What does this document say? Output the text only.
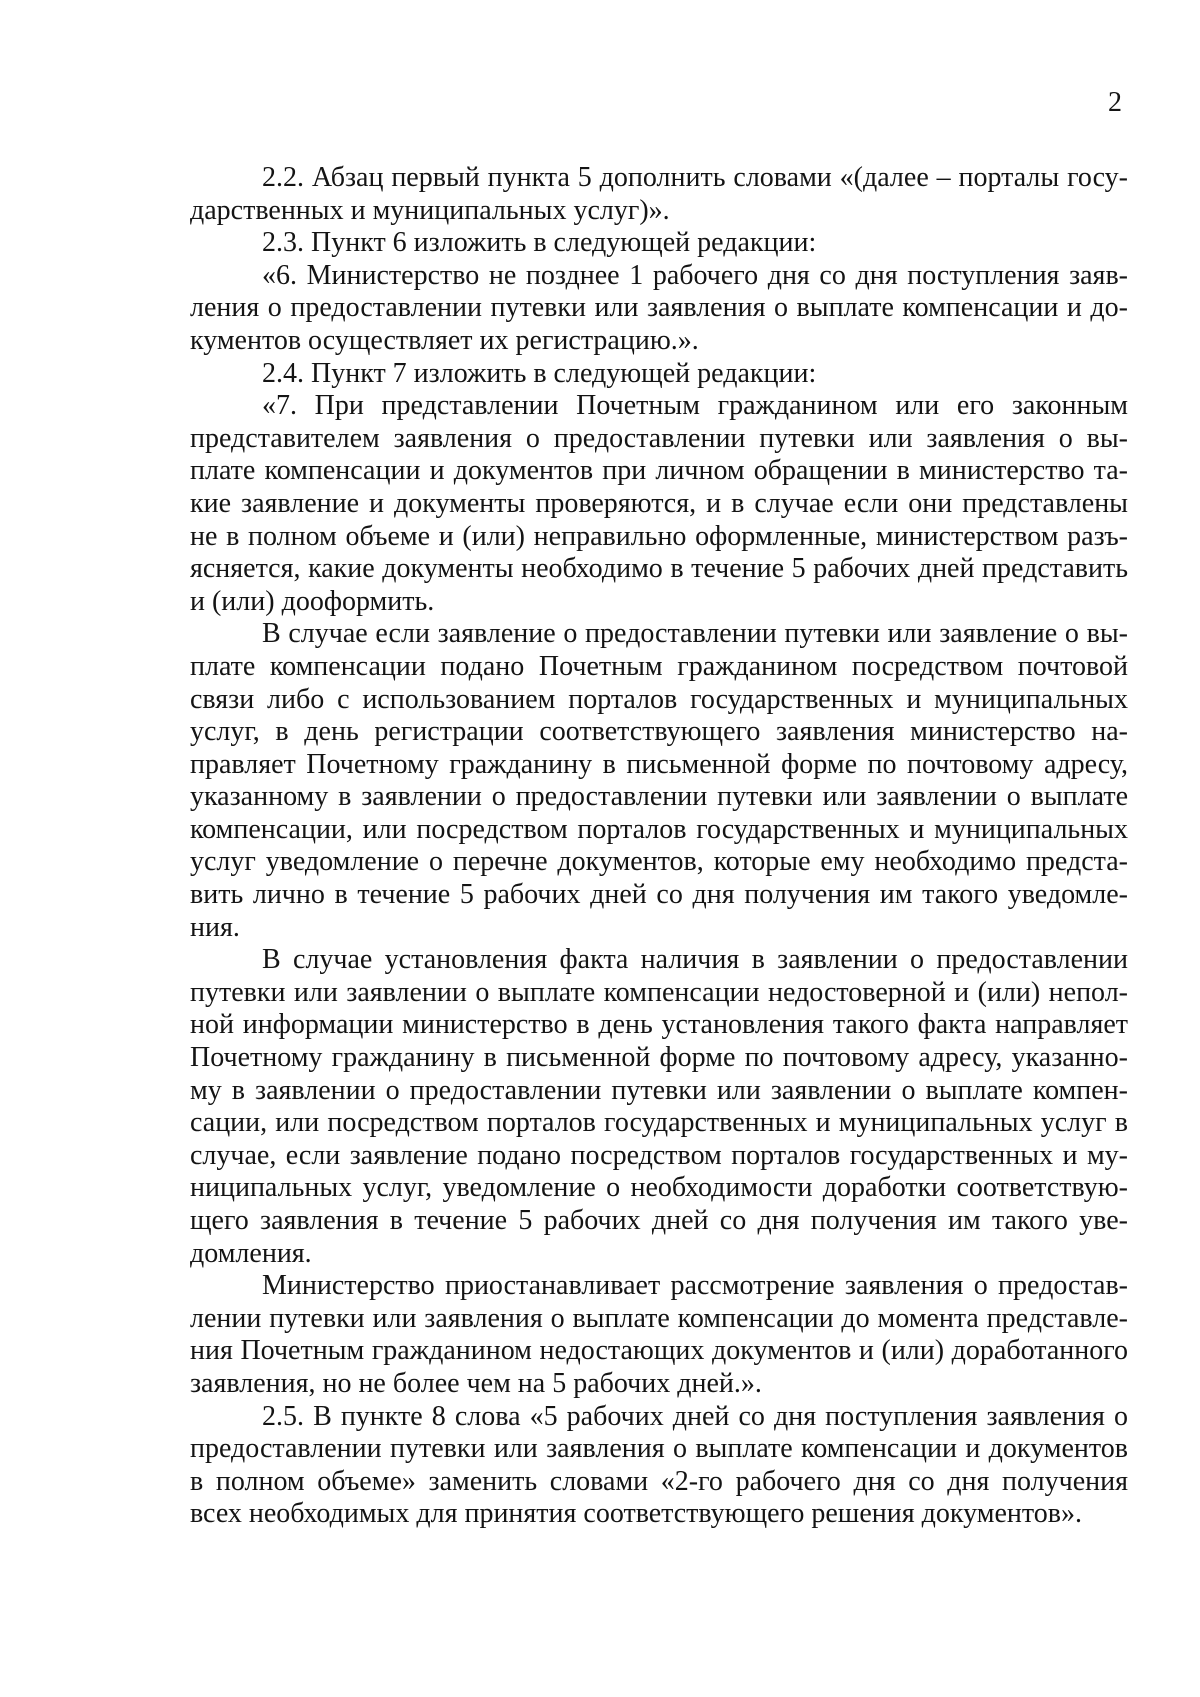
2

2.2. Абзац первый пункта 5 дополнить словами «(далее – порталы государственных и муниципальных услуг)».

2.3. Пункт 6 изложить в следующей редакции:

«6. Министерство не позднее 1 рабочего дня со дня поступления заявления о предоставлении путевки или заявления о выплате компенсации и документов осуществляет их регистрацию.».

2.4. Пункт 7 изложить в следующей редакции:

«7. При представлении Почетным гражданином или его законным представителем заявления о предоставлении путевки или заявления о выплате компенсации и документов при личном обращении в министерство такие заявление и документы проверяются, и в случае если они представлены не в полном объеме и (или) неправильно оформленные, министерством разъясняется, какие документы необходимо в течение 5 рабочих дней представить и (или) дооформить.

В случае если заявление о предоставлении путевки или заявление о выплате компенсации подано Почетным гражданином посредством почтовой связи либо с использованием порталов государственных и муниципальных услуг, в день регистрации соответствующего заявления министерство направляет Почетному гражданину в письменной форме по почтовому адресу, указанному в заявлении о предоставлении путевки или заявлении о выплате компенсации, или посредством порталов государственных и муниципальных услуг уведомление о перечне документов, которые ему необходимо представить лично в течение 5 рабочих дней со дня получения им такого уведомления.

В случае установления факта наличия в заявлении о предоставлении путевки или заявлении о выплате компенсации недостоверной и (или) неполной информации министерство в день установления такого факта направляет Почетному гражданину в письменной форме по почтовому адресу, указанному в заявлении о предоставлении путевки или заявлении о выплате компенсации, или посредством порталов государственных и муниципальных услуг в случае, если заявление подано посредством порталов государственных и муниципальных услуг, уведомление о необходимости доработки соответствующего заявления в течение 5 рабочих дней со дня получения им такого уведомления.

Министерство приостанавливает рассмотрение заявления о предоставлении путевки или заявления о выплате компенсации до момента представления Почетным гражданином недостающих документов и (или) доработанного заявления, но не более чем на 5 рабочих дней.».

2.5. В пункте 8 слова «5 рабочих дней со дня поступления заявления о предоставлении путевки или заявления о выплате компенсации и документов в полном объеме» заменить словами «2-го рабочего дня со дня получения всех необходимых для принятия соответствующего решения документов».
